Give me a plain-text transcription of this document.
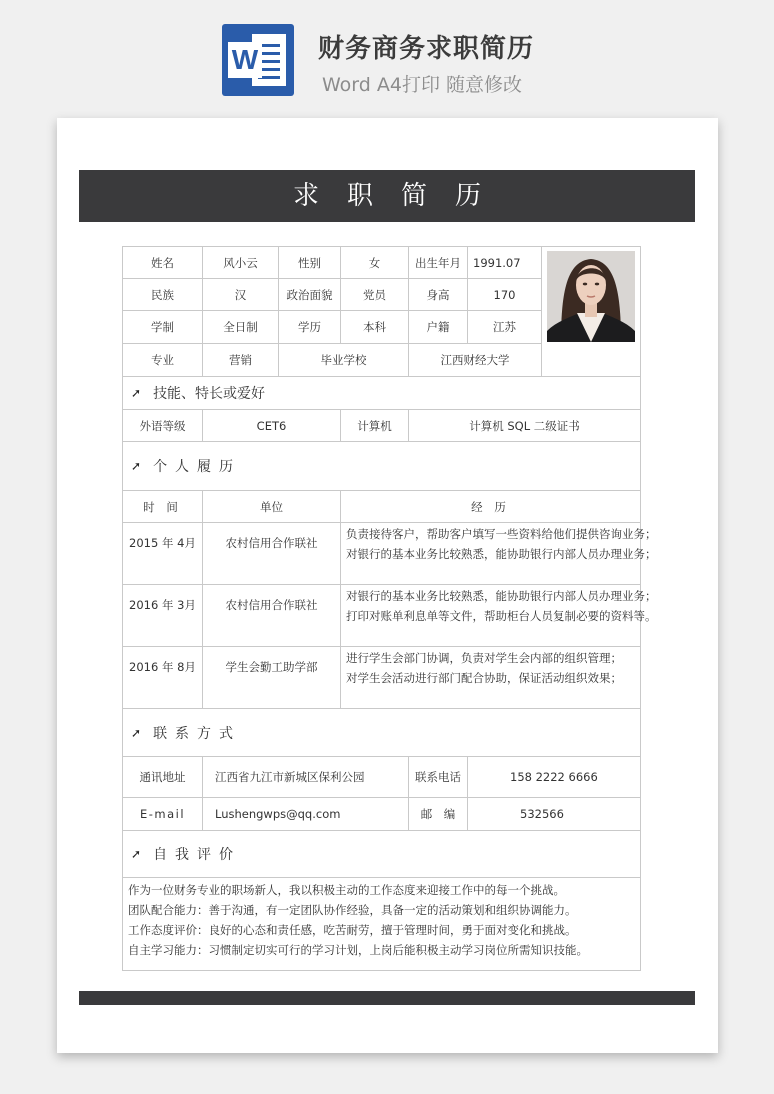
W 财务商务求职简历
Word A4打印 随意修改
求职简历
姓名	风小云	性别	女	出生年月	1991.07
民族	汉	政治面貌	党员	身高	170
学制	全日制	学历	本科	户籍	江苏
专业	营销	毕业学校	江西财经大学
➚ 技能、特长或爱好
外语等级	CET6	计算机	计算机 SQL 二级证书
➚ 个人履历
时 间	单位	经 历
2015 年 4月	农村信用合作联社
负责接待客户，帮助客户填写一些资料给他们提供咨询业务；
对银行的基本业务比较熟悉，能协助银行内部人员办理业务；
2016 年 3月	农村信用合作联社
对银行的基本业务比较熟悉，能协助银行内部人员办理业务；
打印对账单利息单等文件，帮助柜台人员复制必要的资料等。
2016 年 8月	学生会勤工助学部
进行学生会部门协调，负责对学生会内部的组织管理；
对学生会活动进行部门配合协助，保证活动组织效果；
➚ 联系方式
通讯地址	江西省九江市新城区保利公园	联系电话	158 2222 6666
E-mail	Lushengwps@qq.com	邮　编	532566
➚ 自我评价
作为一位财务专业的职场新人，我以积极主动的工作态度来迎接工作中的每一个挑战。
团队配合能力：善于沟通，有一定团队协作经验，具备一定的活动策划和组织协调能力。
工作态度评价：良好的心态和责任感，吃苦耐劳，擅于管理时间，勇于面对变化和挑战。
自主学习能力：习惯制定切实可行的学习计划，上岗后能积极主动学习岗位所需知识技能。
